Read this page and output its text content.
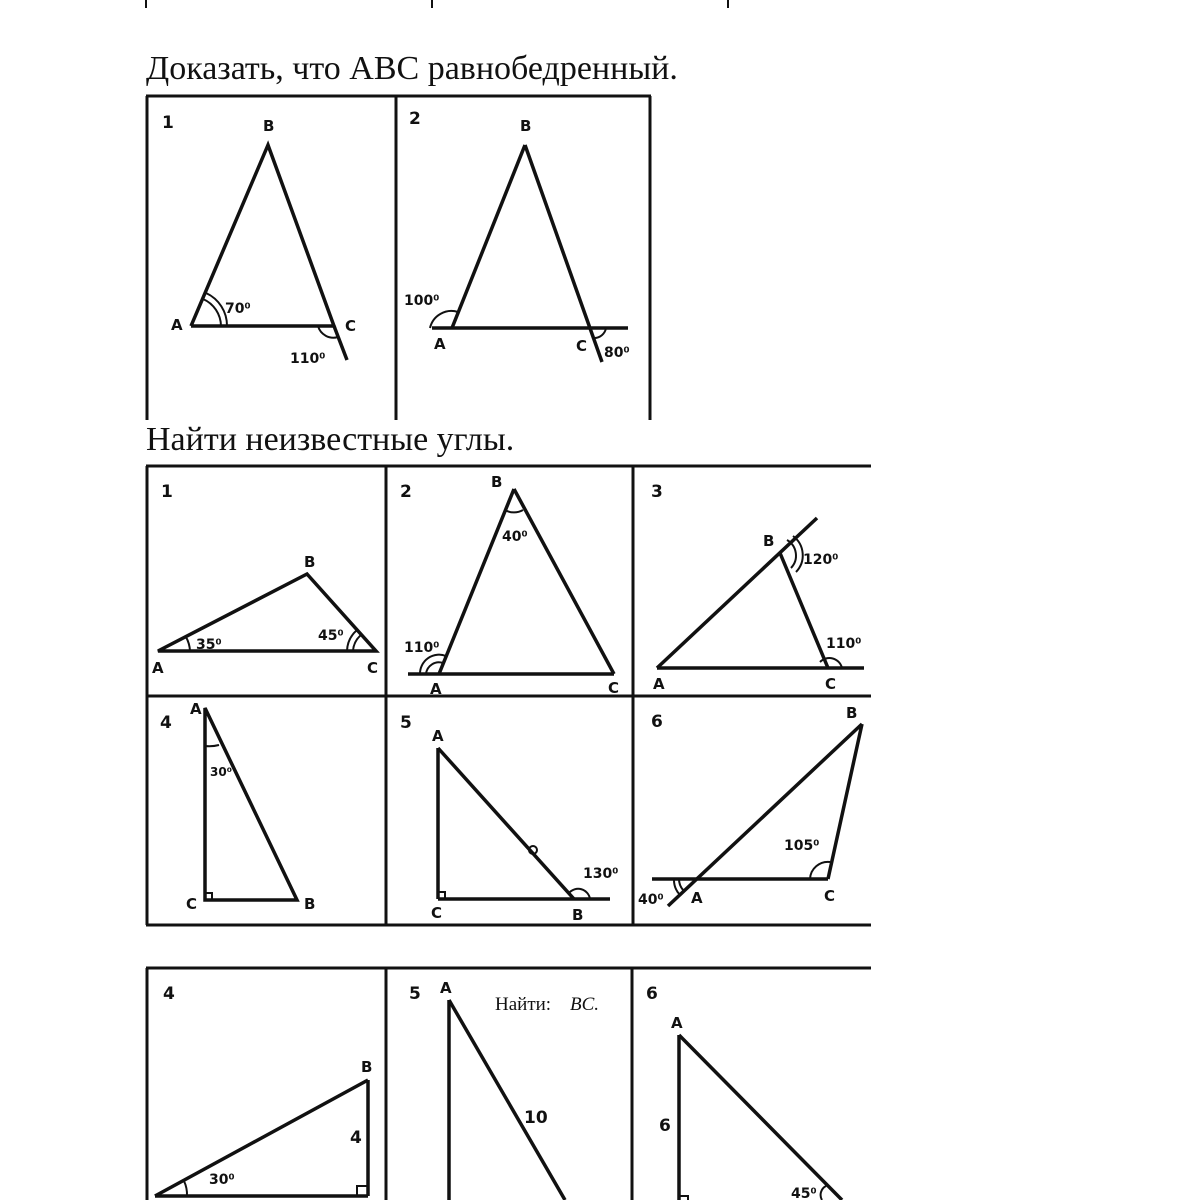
Доказать, что ABC равнобедренный.
Найти неизвестные углы.
1	B
A	C
70⁰
110⁰
2	B
A	C
100⁰
80⁰
1
B
A	C
35⁰
45⁰
2	B
A	C
40⁰
110⁰
3
B
A	C
120⁰
110⁰
4
A
C	B
30⁰
5
A
C	B
130⁰
6	B
A	C
105⁰
40⁰
4
B
4
30⁰
5 A
Найти: BC.
10
6
A
6
45⁰
